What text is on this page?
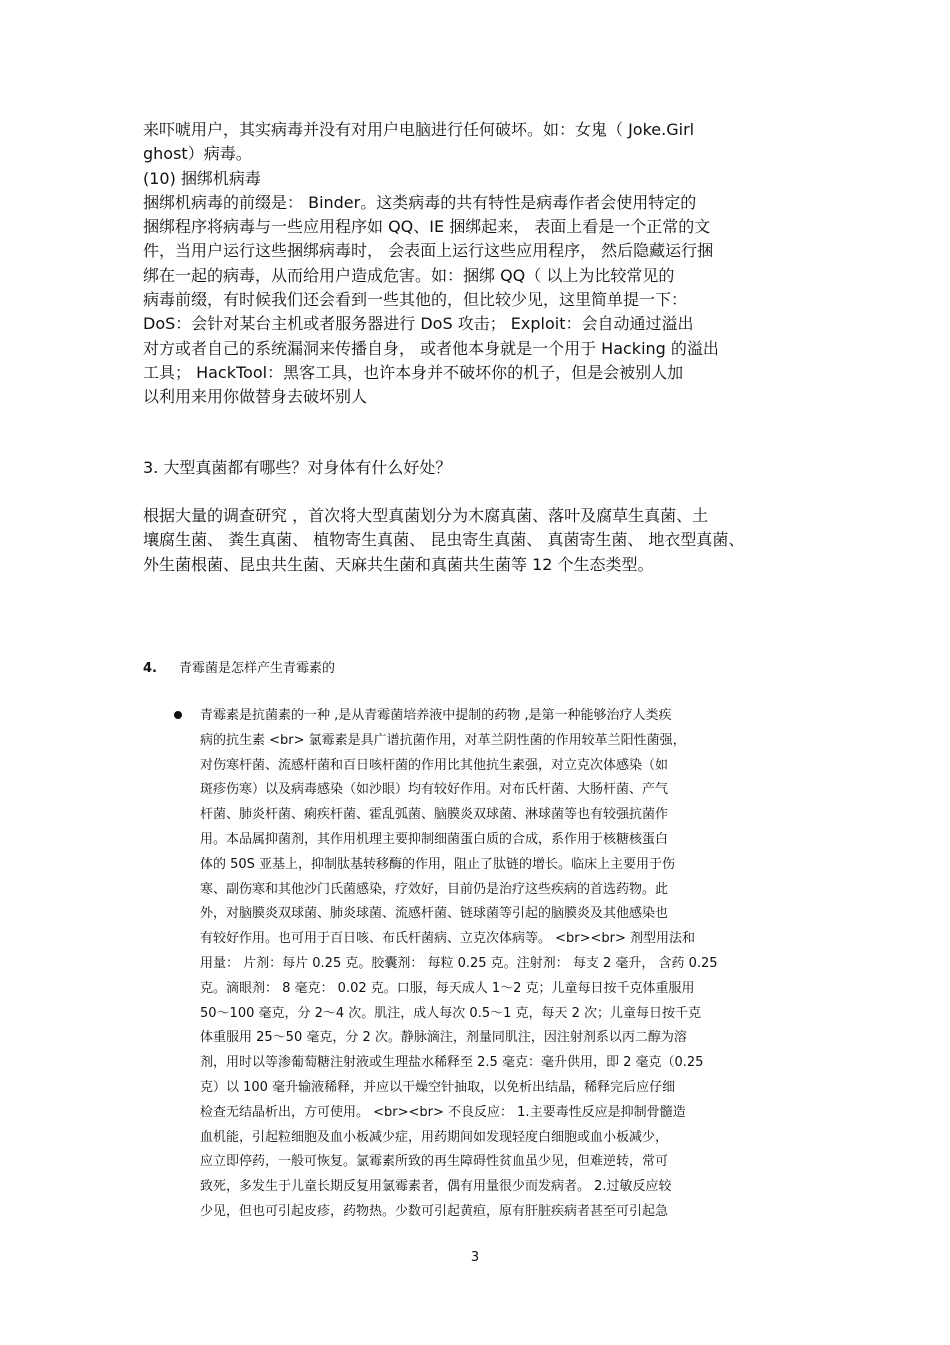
来吓唬用户，其实病毒并没有对用户电脑进行任何破坏。如：女鬼（ Joke.Girl

ghost）病毒。

(10) 捆绑机病毒

捆绑机病毒的前缀是： Binder。这类病毒的共有特性是病毒作者会使用特定的

捆绑程序将病毒与一些应用程序如 QQ、IE 捆绑起来， 表面上看是一个正常的文

件，当用户运行这些捆绑病毒时， 会表面上运行这些应用程序， 然后隐藏运行捆

绑在一起的病毒，从而给用户造成危害。如：捆绑 QQ（ 以上为比较常见的

病毒前缀，有时候我们还会看到一些其他的，但比较少见，这里简单提一下：

DoS：会针对某台主机或者服务器进行 DoS 攻击； Exploit：会自动通过溢出

对方或者自己的系统漏洞来传播自身， 或者他本身就是一个用于 Hacking 的溢出

工具； HackTool：黑客工具，也许本身并不破坏你的机子，但是会被别人加

以利用来用你做替身去破坏别人

3. 大型真菌都有哪些？对身体有什么好处？

根据大量的调查研究 ，首次将大型真菌划分为木腐真菌、落叶及腐草生真菌、土

壤腐生菌、 粪生真菌、 植物寄生真菌、 昆虫寄生真菌、 真菌寄生菌、 地衣型真菌、

外生菌根菌、昆虫共生菌、天麻共生菌和真菌共生菌等 12 个生态类型。

4. 青霉菌是怎样产生青霉素的

青霉素是抗菌素的一种 ,是从青霉菌培养液中提制的药物 ,是第一种能够治疗人类疾

病的抗生素 <br> 氯霉素是具广谱抗菌作用，对革兰阴性菌的作用较革兰阳性菌强，

对伤寒杆菌、流感杆菌和百日咳杆菌的作用比其他抗生素强，对立克次体感染（如

斑疹伤寒）以及病毒感染（如沙眼）均有较好作用。对布氏杆菌、大肠杆菌、产气

杆菌、肺炎杆菌、痢疾杆菌、霍乱弧菌、脑膜炎双球菌、淋球菌等也有较强抗菌作

用。本品属抑菌剂，其作用机理主要抑制细菌蛋白质的合成，系作用于核糖核蛋白

体的 50S 亚基上，抑制肽基转移酶的作用，阻止了肽链的增长。临床上主要用于伤

寒、副伤寒和其他沙门氏菌感染，疗效好，目前仍是治疗这些疾病的首选药物。此

外，对脑膜炎双球菌、肺炎球菌、流感杆菌、链球菌等引起的脑膜炎及其他感染也

有较好作用。也可用于百日咳、布氏杆菌病、立克次体病等。 <br><br> 剂型用法和

用量： 片剂：每片 0.25 克。胶囊剂： 每粒 0.25 克。注射剂： 每支 2 毫升， 含药 0.25

克。滴眼剂： 8 毫克： 0.02 克。口服，每天成人 1～2 克；儿童每日按千克体重服用

50～100 毫克，分 2～4 次。肌注，成人每次 0.5～1 克，每天 2 次；儿童每日按千克

体重服用 25～50 毫克，分 2 次。静脉滴注，剂量同肌注，因注射剂系以丙二醇为溶

剂，用时以等渗葡萄糖注射液或生理盐水稀释至 2.5 毫克：毫升供用，即 2 毫克（0.25

克）以 100 毫升输液稀释，并应以干燥空针抽取，以免析出结晶，稀释完后应仔细

检查无结晶析出，方可使用。 <br><br> 不良反应： 1.主要毒性反应是抑制骨髓造

血机能，引起粒细胞及血小板减少症，用药期间如发现轻度白细胞或血小板减少，

应立即停药，一般可恢复。氯霉素所致的再生障碍性贫血虽少见，但难逆转，常可

致死，多发生于儿童长期反复用氯霉素者，偶有用量很少而发病者。 2.过敏反应较

少见，但也可引起皮疹，药物热。少数可引起黄疸，原有肝脏疾病者甚至可引起急

3
